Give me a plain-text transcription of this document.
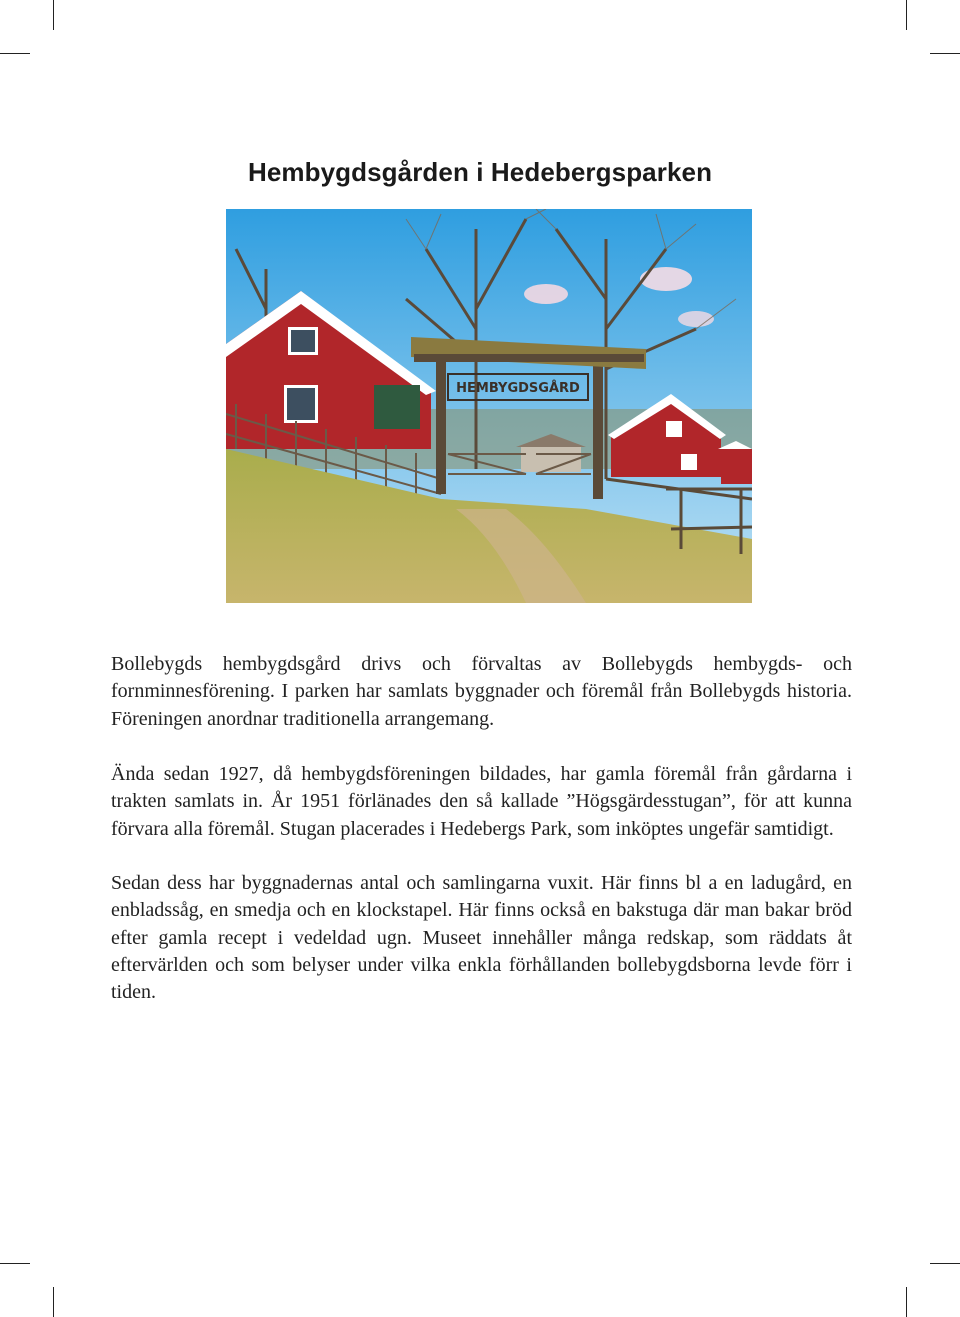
Hembygdsgården i Hedebergsparken
HEMBYGDSGÅRD

Bollebygds hembygdsgård drivs och förvaltas av Bollebygds hembygds- och fornminnesförening. I parken har samlats byggnader och föremål från Bollebygds historia. Föreningen anordnar traditionella arrangemang.

Ända sedan 1927, då hembygdsföreningen bildades, har gamla föremål från gårdarna i trakten samlats in. År 1951 förlänades den så kallade ”Högsgärdesstugan”, för att kunna förvara alla föremål. Stugan placerades i Hedebergs Park, som inköptes ungefär samtidigt.

Sedan dess har byggnadernas antal och samlingarna vuxit. Här finns bl a en ladugård, en enbladssåg, en smedja och en klockstapel. Här finns också en bakstuga där man bakar bröd efter gamla recept i vedeldad ugn. Museet innehåller många redskap, som räddats åt eftervärlden och som belyser under vilka enkla förhållanden bollebygdsborna levde förr i tiden.
